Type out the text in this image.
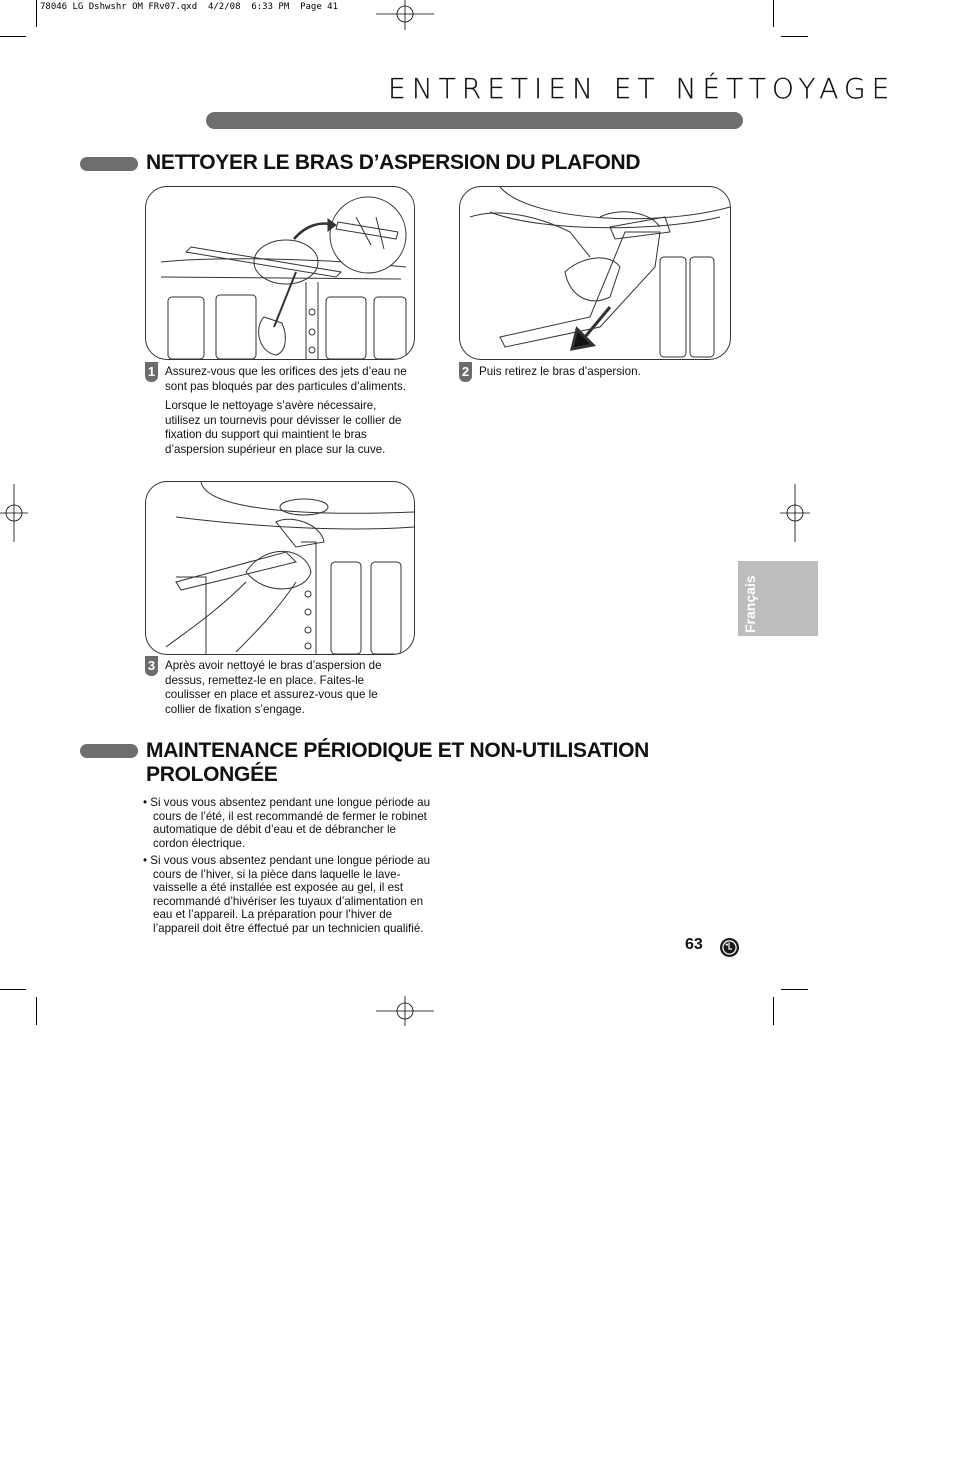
78046 LG Dshwshr OM FRv07.qxd  4/2/08  6:33 PM  Page 41
ENTRETIEN ET NÉTTOYAGE
NETTOYER LE BRAS D’ASPERSION DU PLAFOND
1 Assurez-vous que les orifices des jets d’eau ne sont pas bloqués par des particules d’aliments.
Lorsque le nettoyage s’avère nécessaire, utilisez un tournevis pour dévisser le collier de fixation du support qui maintient le bras d’aspersion supérieur en place sur la cuve.
2 Puis retirez le bras d’aspersion.
3 Après avoir nettoyé le bras d’aspersion de dessus, remettez-le en place. Faites-le coulisser en place et assurez-vous que le collier de fixation s’engage.
MAINTENANCE PÉRIODIQUE ET NON-UTILISATION PROLONGÉE
• Si vous vous absentez pendant une longue période au cours de l’été, il est recommandé de fermer le robinet automatique de débit d’eau et de débrancher le cordon électrique.
• Si vous vous absentez pendant une longue période au cours de l’hiver, si la pièce dans laquelle le lave-vaisselle a été installée est exposée au gel, il est recommandé d’hivériser les tuyaux d’alimentation en eau et l’appareil. La préparation pour l’hiver de l’appareil doit être éffectué par un technicien qualifié.
Français
63
